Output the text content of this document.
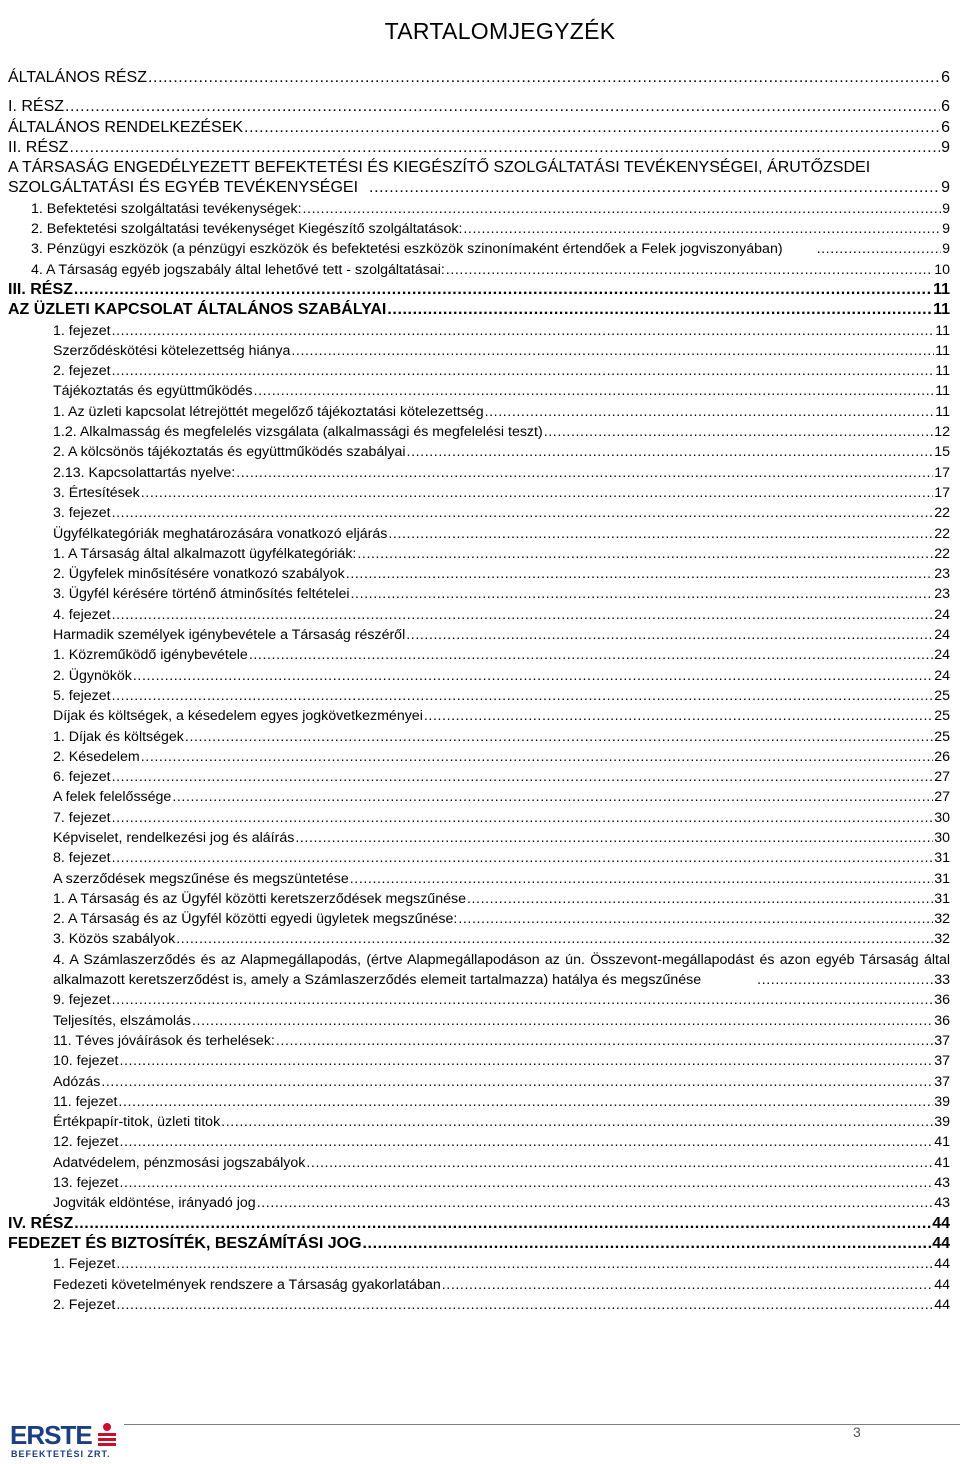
TARTALOMJEGYZÉK
ÁLTALÁNOS RÉSZ .....	6
I. RÉSZ .....	6
ÁLTALÁNOS RENDELKEZÉSEK .....	6
II. RÉSZ .....	9
A TÁRSASÁG ENGEDÉLYEZETT BEFEKTETÉSI ÉS KIEGÉSZÍTŐ SZOLGÁLTATÁSI TEVÉKENYSÉGEI, ÁRUTŐZSDEI SZOLGÁLTATÁSI ÉS EGYÉB TEVÉKENYSÉGEI .....	9
1. Befektetési szolgáltatási tevékenységek: .....	9
2. Befektetési szolgáltatási tevékenységet Kiegészítő szolgáltatások: .....	9
3. Pénzügyi eszközök (a pénzügyi eszközök és befektetési eszközök szinonímaként értendőek a Felek jogviszonyában) .....	9
4. A Társaság egyéb jogszabály által lehetővé tett - szolgáltatásai: .....	10
III. RÉSZ .....	11
AZ ÜZLETI KAPCSOLAT ÁLTALÁNOS SZABÁLYAI .....	11
1. fejezet .....	11
Szerződéskötési kötelezettség hiánya .....	11
2. fejezet .....	11
Tájékoztatás és együttműködés .....	11
1. Az üzleti kapcsolat létrejöttét megelőző tájékoztatási kötelezettség .....	11
1.2. Alkalmasság és megfelelés vizsgálata (alkalmassági és megfelelési teszt) .....	12
2. A kölcsönös tájékoztatás és együttműködés szabályai .....	15
2.13. Kapcsolattartás nyelve: .....	17
3. Értesítések .....	17
3. fejezet .....	22
Ügyfélkategóriák meghatározására vonatkozó eljárás .....	22
1. A Társaság által alkalmazott ügyfélkategóriák: .....	22
2. Ügyfelek minősítésére vonatkozó szabályok .....	23
3. Ügyfél kérésére történő átminősítés feltételei .....	23
4. fejezet .....	24
Harmadik személyek igénybevétele a Társaság részéről .....	24
1. Közreműködő igénybevétele .....	24
2. Ügynökök .....	24
5. fejezet .....	25
Díjak és költségek, a késedelem egyes jogkövetkezményei .....	25
1. Díjak és költségek .....	25
2. Késedelem .....	26
6. fejezet .....	27
A felek felelőssége .....	27
7. fejezet .....	30
Képviselet, rendelkezési jog és aláírás .....	30
8. fejezet .....	31
A szerződések megszűnése és megszüntetése .....	31
1. A Társaság és az Ügyfél közötti keretszerződések megszűnése .....	31
2. A Társaság és az Ügyfél közötti egyedi ügyletek megszűnése: .....	32
3. Közös szabályok .....	32
4. A Számlaszerződés és az Alapmegállapodás, (értve Alapmegállapodáson az ún. Összevont-megállapodást és azon egyéb Társaság által alkalmazott keretszerződést is, amely a Számlaszerződés elemeit tartalmazza) hatálya és megszűnése .....	33
9. fejezet .....	36
Teljesítés, elszámolás .....	36
11. Téves jóváírások és terhelések: .....	37
10. fejezet .....	37
Adózás .....	37
11. fejezet .....	39
Értékpapír-titok, üzleti titok .....	39
12. fejezet .....	41
Adatvédelem, pénzmosási jogszabályok .....	41
13. fejezet .....	43
Jogviták eldöntése, irányadó jog .....	43
IV. RÉSZ .....	44
FEDEZET ÉS BIZTOSÍTÉK, BESZÁMÍTÁSI JOG .....	44
1. Fejezet .....	44
Fedezeti követelmények rendszere a Társaság gyakorlatában .....	44
2. Fejezet .....	44
ERSTE
BEFEKTETÉSI ZRT.
3
